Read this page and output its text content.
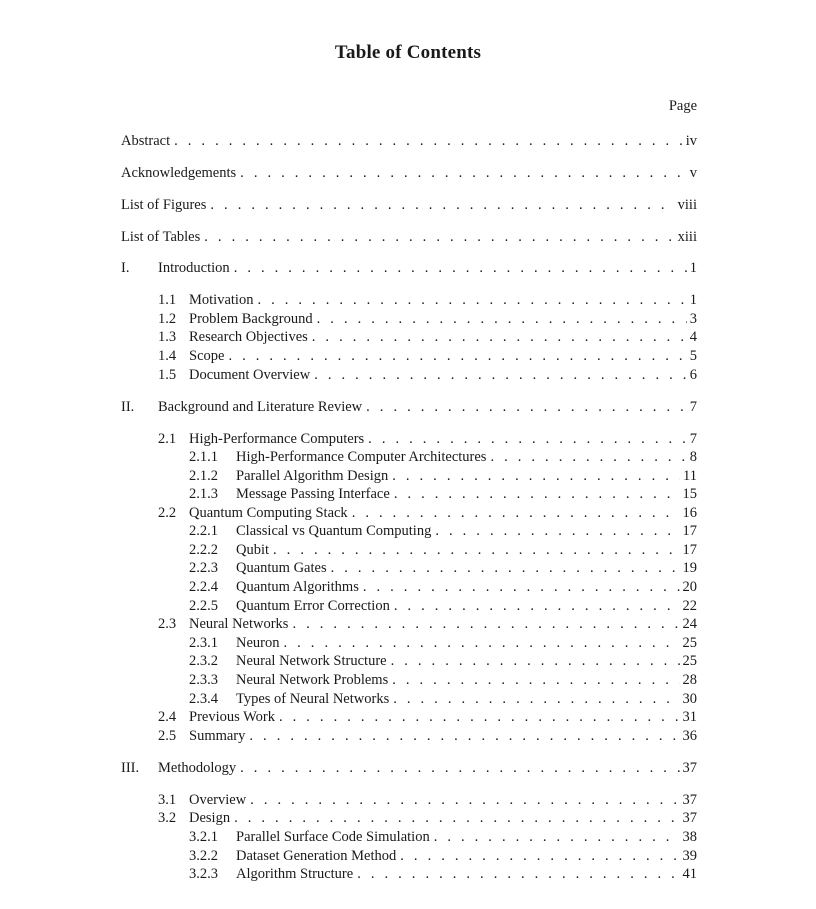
Table of Contents
Page
Abstract . . .	iv
Acknowledgements . . .	v
List of Figures . . .	viii
List of Tables . . .	xiii
I. Introduction . . .	1
1.1 Motivation . . .	1
1.2 Problem Background . . .	3
1.3 Research Objectives . . .	4
1.4 Scope . . .	5
1.5 Document Overview . . .	6
II. Background and Literature Review . . .	7
2.1 High-Performance Computers . . .	7
2.1.1 High-Performance Computer Architectures . . .	8
2.1.2 Parallel Algorithm Design . . .	11
2.1.3 Message Passing Interface . . .	15
2.2 Quantum Computing Stack . . .	16
2.2.1 Classical vs Quantum Computing . . .	17
2.2.2 Qubit . . .	17
2.2.3 Quantum Gates . . .	19
2.2.4 Quantum Algorithms . . .	20
2.2.5 Quantum Error Correction . . .	22
2.3 Neural Networks . . .	24
2.3.1 Neuron . . .	25
2.3.2 Neural Network Structure . . .	25
2.3.3 Neural Network Problems . . .	28
2.3.4 Types of Neural Networks . . .	30
2.4 Previous Work . . .	31
2.5 Summary . . .	36
III. Methodology . . .	37
3.1 Overview . . .	37
3.2 Design . . .	37
3.2.1 Parallel Surface Code Simulation . . .	38
3.2.2 Dataset Generation Method . . .	39
3.2.3 Algorithm Structure . . .	41
